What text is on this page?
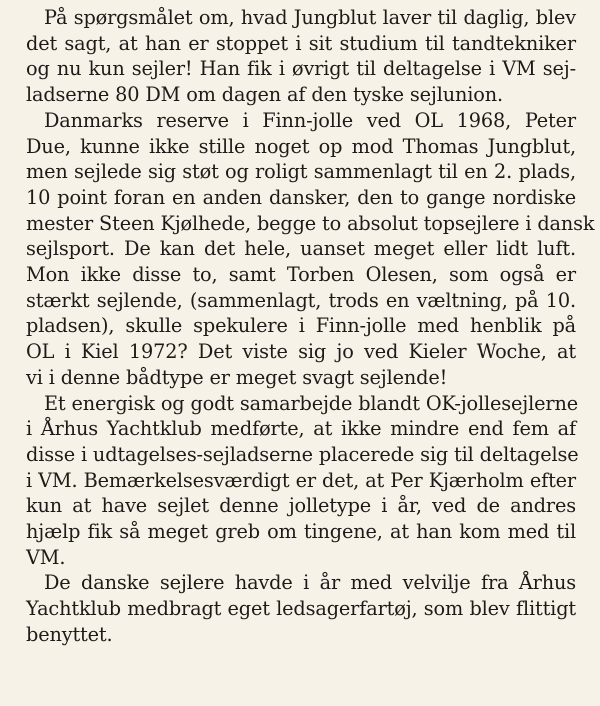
På spørgsmålet om, hvad Jungblut laver til daglig, blev
det sagt, at han er stoppet i sit studium til tandtekniker
og nu kun sejler! Han fik i øvrigt til deltagelse i VM sej-
ladserne 80 DM om dagen af den tyske sejlunion.

Danmarks reserve i Finn-jolle ved OL 1968, Peter
Due, kunne ikke stille noget op mod Thomas Jungblut,
men sejlede sig støt og roligt sammenlagt til en 2. plads,
10 point foran en anden dansker, den to gange nordiske
mester Steen Kjølhede, begge to absolut topsejlere i dansk
sejlsport. De kan det hele, uanset meget eller lidt luft.
Mon ikke disse to, samt Torben Olesen, som også er
stærkt sejlende, (sammenlagt, trods en væltning, på 10.
pladsen), skulle spekulere i Finn-jolle med henblik på
OL i Kiel 1972? Det viste sig jo ved Kieler Woche, at
vi i denne bådtype er meget svagt sejlende!

Et energisk og godt samarbejde blandt OK-jollesejlerne
i Århus Yachtklub medførte, at ikke mindre end fem af
disse i udtagelses-sejladserne placerede sig til deltagelse
i VM. Bemærkelsesværdigt er det, at Per Kjærholm efter
kun at have sejlet denne jolletype i år, ved de andres
hjælp fik så meget greb om tingene, at han kom med til
VM.

De danske sejlere havde i år med velvilje fra Århus
Yachtklub medbragt eget ledsagerfartøj, som blev flittigt
benyttet.
